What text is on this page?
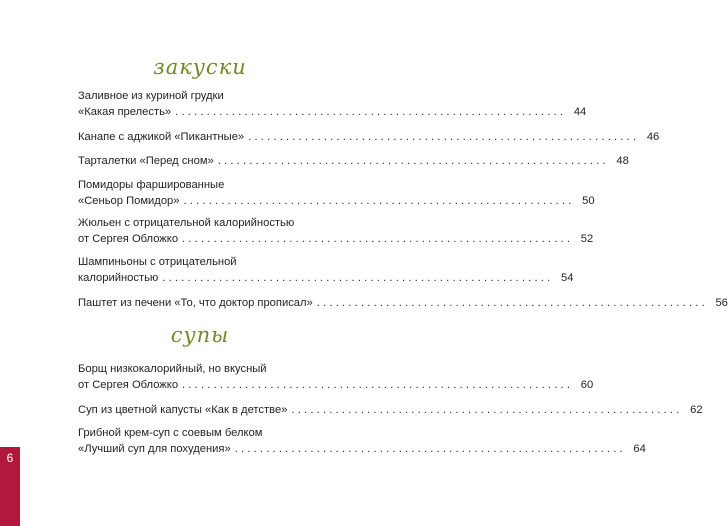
закуски
Заливное из куриной грудки
«Какая прелесть» .............................................................. 44
Канапе с аджикой «Пикантные» .............................................................. 46
Тарталетки «Перед сном» .............................................................. 48
Помидоры фаршированные
«Сеньор Помидор» .............................................................. 50
Жюльен с отрицательной калорийностью
от Сергея Обложко .............................................................. 52
Шампиньоны с отрицательной
калорийностью .............................................................. 54
Паштет из печени «То, что доктор прописал» .............................................................. 56
супы
Борщ низкокалорийный, но вкусный
от Сергея Обложко .............................................................. 60
Суп из цветной капусты «Как в детстве» .............................................................. 62
Грибной крем-суп с соевым белком
«Лучший суп для похудения» .............................................................. 64
6
